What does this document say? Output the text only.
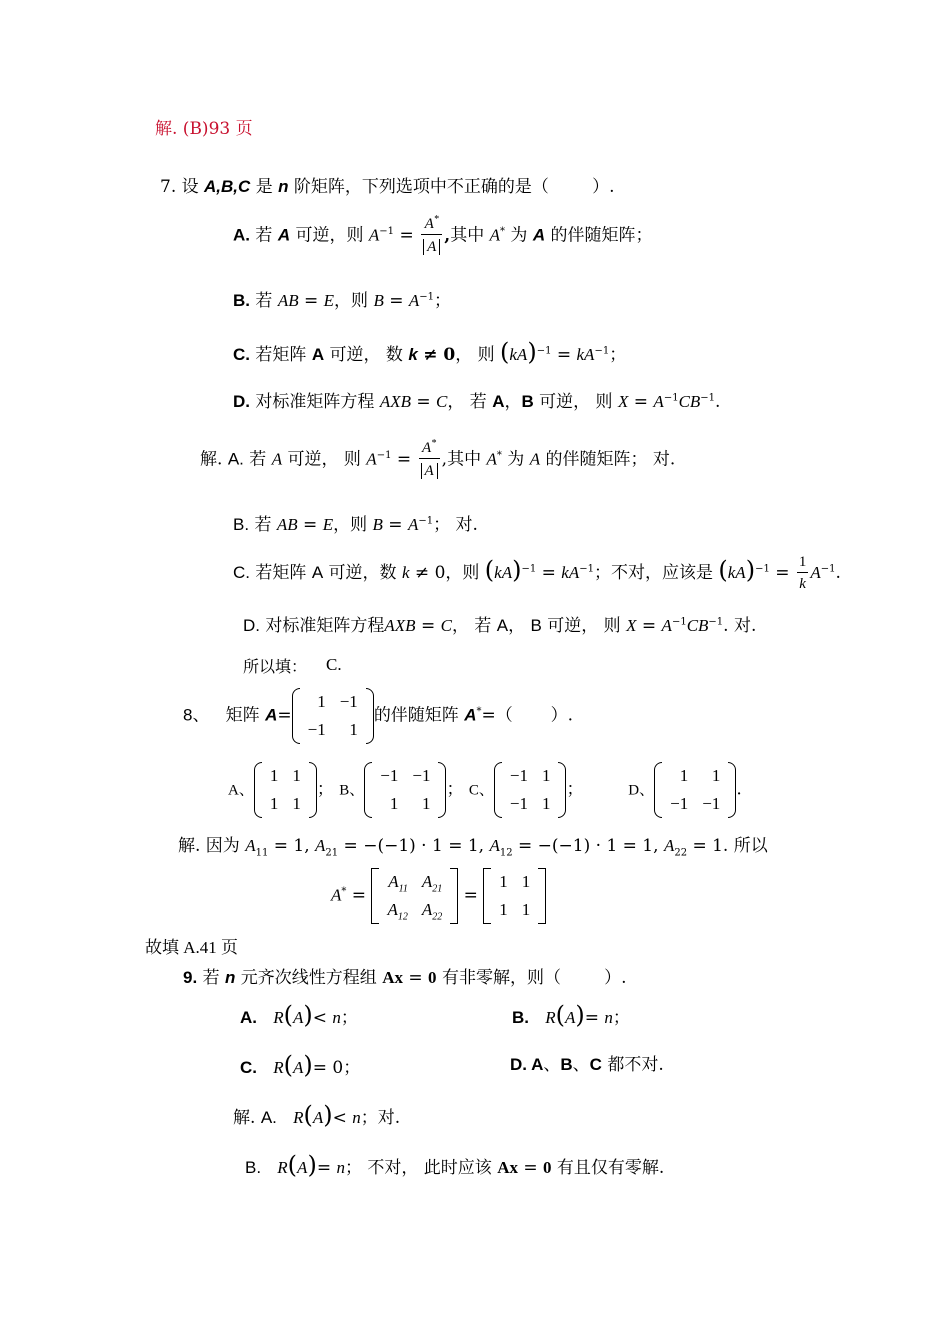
解. (B)93 页
7. 设 A,B,C 是 n 阶矩阵，下列选项中不正确的是（        ）.
A. 若 A 可逆，则 $A^{-1} = \frac{A^*}{A}$ ,其中 A* 为 A 的伴随矩阵；
B. 若 AB = E，则 $B = A^{-1}$；
C. 若矩阵 A 可逆， 数 k ≠ 0， 则 $(kA)^{-1} = kA^{-1}$；
D. 对标准矩阵方程 AXB = C， 若 A，B 可逆， 则 $X = A^{-1}CB^{-1}$.
解. A. 若 A 可逆， 则 $A^{-1} = \frac{A^*}{A}$ ,其中 A* 为 A 的伴随矩阵； 对.
B. 若 AB = E，则 $B = A^{-1}$； 对.
C. 若矩阵 A 可逆，数 k ≠ 0，则 $(kA)^{-1} = kA^{-1}$；不对，应该是 $(kA)^{-1} = \frac{1}{k} A^{-1}$.
D. 对标准矩阵方程AXB = C， 若 A， B 可逆， 则 $X = A^{-1}CB^{-1}$. 对.
所以填： C.
8、   矩阵 A=
1	−1
−1	1
的伴随矩阵 A*=（       ）.
A、
1	1
1	1
； B、
−1	−1
1	1
； C、
−1	1
−1	1
；	D、
1	1
−1	−1
.
解. 因为 $A_{11} = 1$, $A_{21} = -(-1) \cdot 1 = 1$, $A_{12} = -(-1) \cdot 1 = 1$, $A_{22} = 1$. 所以
A* =
$A_{11}$	$A_{21}$
$A_{12}$	$A_{22}$
=
1	1
1	1
故填 A.41 页
9. 若 n 元齐次线性方程组 Ax = 0 有非零解，则（        ）.
A. R(A)< n；	B. R(A)= n；
C. R(A)= 0；	D. A、B、C 都不对.
解. A. R(A)< n；对.
B. R(A)= n； 不对， 此时应该 Ax = 0 有且仅有零解.
